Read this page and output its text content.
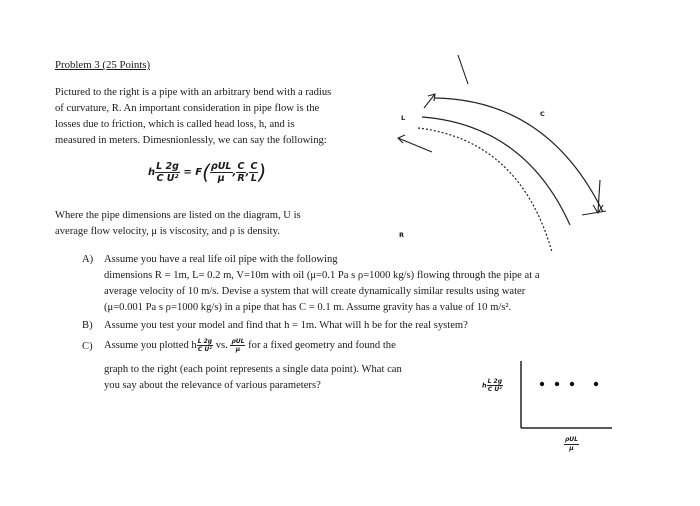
L	C
R
Problem 3 (25 Points)
Pictured to the right is a pipe with an arbitrary bend with a radius
of curvature, R. An important consideration in pipe flow is the
losses due to friction, which is called head loss, h, and is
measured in meters. Dimesnionlessly, we can say the following:
h $\frac{L 2g}{\text{C U²}} = F( \frac{\text{ρUL}}{\mu}$ , $\frac{C}{R}$ , $\frac{C}{L}$ )
Where the pipe dimensions are listed on the diagram, U is
average flow velocity, μ is viscosity, and ρ is density.
A) Assume you have a real life oil pipe with the following
dimensions R = 1m, L= 0.2 m, V=10m with oil (μ=0.1 Pa s ρ=1000 kg/s) flowing through the pipe at a
average velocity of 10 m/s. Devise a system that will create dynamically similar results using water
(μ=0.001 Pa s ρ=1000 kg/s) in a pipe that has C = 0.1 m. Assume gravity has a value of 10 m/s².
B) Assume you test your model and find that h = 1m. What will h be for the real system?
C) Assume you plotted h $\frac{L 2g}{\text{C U²}}$ vs. $\frac{\text{ρUL}}{\mu}$ for a fixed geometry and found the
graph to the right (each point represents a single data point). What can
you say about the relevance of various parameters?	h $\frac{L 2g}{\text{C U²}}$
$\frac{\text{ρUL}}{\mu}$
